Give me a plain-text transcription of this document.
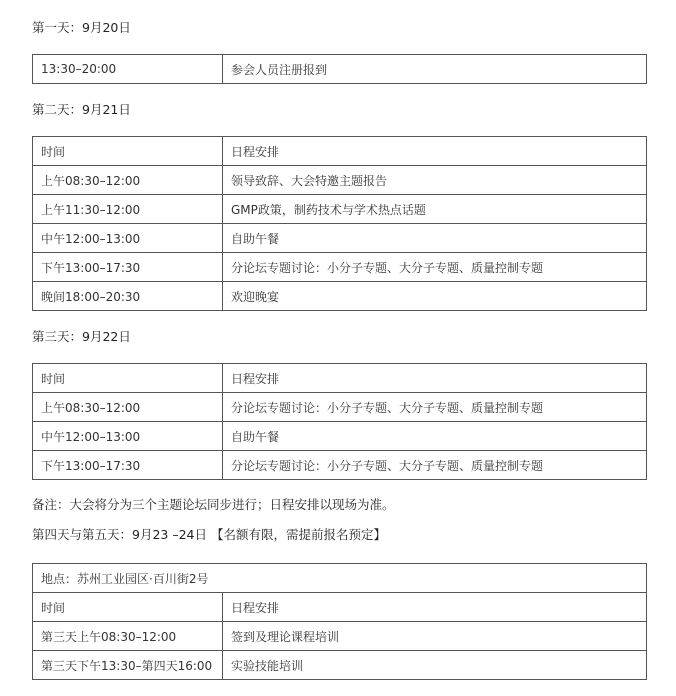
第一天：9月20日
13:30–20:00	参会人员注册报到
第二天：9月21日
时间	日程安排
上午08:30–12:00	领导致辞、大会特邀主题报告
上午11:30–12:00	GMP政策，制药技术与学术热点话题
中午12:00–13:00	自助午餐
下午13:00–17:30	分论坛专题讨论：小分子专题、大分子专题、质量控制专题
晚间18:00–20:30	欢迎晚宴
第三天：9月22日
时间	日程安排
上午08:30–12:00	分论坛专题讨论：小分子专题、大分子专题、质量控制专题
中午12:00–13:00	自助午餐
下午13:00–17:30	分论坛专题讨论：小分子专题、大分子专题、质量控制专题
备注：大会将分为三个主题论坛同步进行；日程安排以现场为准。
第四天与第五天：9月23 –24日 【名额有限，需提前报名预定】
地点：苏州工业园区·百川街2号	
时间	日程安排
第三天上午08:30–12:00	签到及理论课程培训
第三天下午13:30–第四天16:00	实验技能培训
